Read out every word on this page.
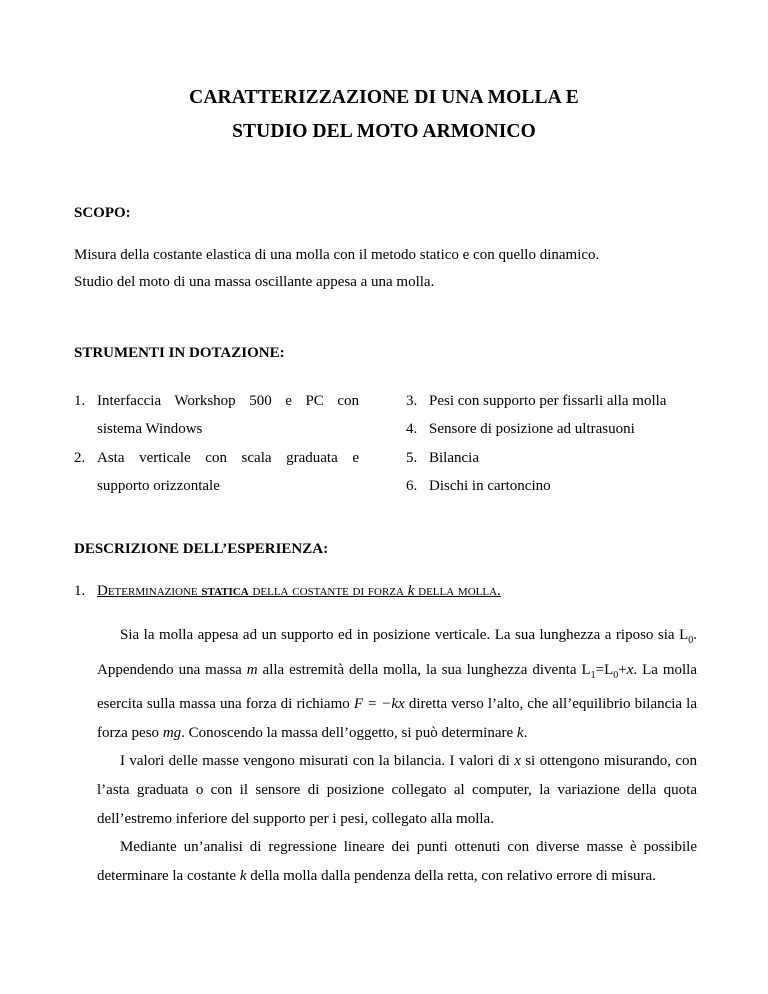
CARATTERIZZAZIONE DI UNA MOLLA E
STUDIO DEL MOTO ARMONICO
SCOPO:
Misura della costante elastica di una molla con il metodo statico e con quello dinamico.
Studio del moto di una massa oscillante appesa a una molla.
STRUMENTI IN DOTAZIONE:
1. Interfaccia Workshop 500 e PC con
sistema Windows
2. Asta verticale con scala graduata e
supporto orizzontale
3. Pesi con supporto per fissarli alla molla
4. Sensore di posizione ad ultrasuoni
5. Bilancia
6. Dischi in cartoncino
DESCRIZIONE DELL’ESPERIENZA:
1. Determinazione statica della costante di forza k della molla.

Sia la molla appesa ad un supporto ed in posizione verticale. La sua lunghezza a riposo sia $L_0$. Appendendo una massa m alla estremità della molla, la sua lunghezza diventa $L_1=L_0+x$. La molla esercita sulla massa una forza di richiamo F = −kx diretta verso l’alto, che all’equilibrio bilancia la forza peso mg. Conoscendo la massa dell’oggetto, si può determinare k.

I valori delle masse vengono misurati con la bilancia. I valori di x si ottengono misurando, con l’asta graduata o con il sensore di posizione collegato al computer, la variazione della quota dell’estremo inferiore del supporto per i pesi, collegato alla molla.

Mediante un’analisi di regressione lineare dei punti ottenuti con diverse masse è possibile determinare la costante k della molla dalla pendenza della retta, con relativo errore di misura.
